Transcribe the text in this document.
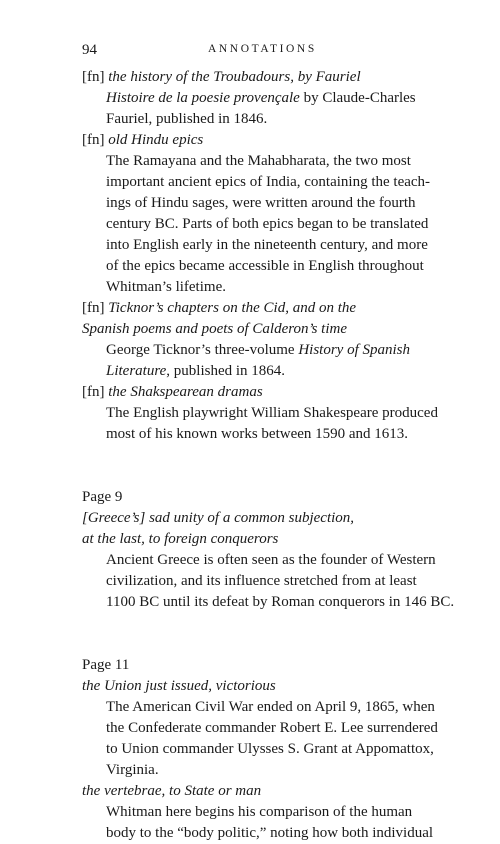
94	ANNOTATIONS
[fn] the history of the Troubadours, by Fauriel
Histoire de la poesie provençale by Claude-Charles
Fauriel, published in 1846.
[fn] old Hindu epics
The Ramayana and the Mahabharata, the two most
important ancient epics of India, containing the teach-
ings of Hindu sages, were written around the fourth
century BC. Parts of both epics began to be translated
into English early in the nineteenth century, and more
of the epics became accessible in English throughout
Whitman’s lifetime.
[fn] Ticknor’s chapters on the Cid, and on the
Spanish poems and poets of Calderon’s time
George Ticknor’s three-volume History of Spanish
Literature, published in 1864.
[fn] the Shakspearean dramas
The English playwright William Shakespeare produced
most of his known works between 1590 and 1613.
Page 9
[Greece’s] sad unity of a common subjection,
at the last, to foreign conquerors
Ancient Greece is often seen as the founder of Western
civilization, and its influence stretched from at least
1100 BC until its defeat by Roman conquerors in 146 BC.
Page 11
the Union just issued, victorious
The American Civil War ended on April 9, 1865, when
the Confederate commander Robert E. Lee surrendered
to Union commander Ulysses S. Grant at Appomattox,
Virginia.
the vertebrae, to State or man
Whitman here begins his comparison of the human
body to the “body politic,” noting how both individual
